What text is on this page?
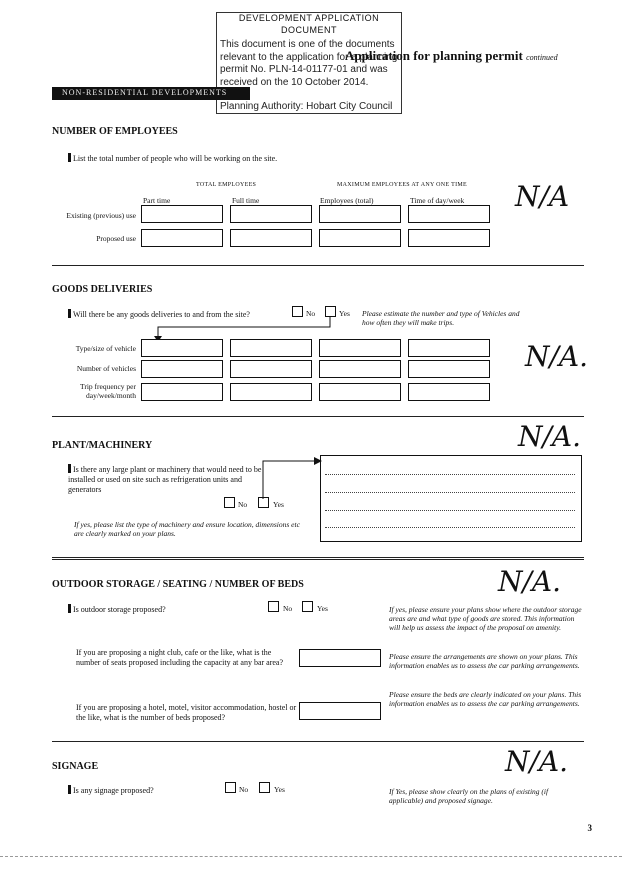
DEVELOPMENT APPLICATION
DOCUMENT
This document is one of the documents relevant to the application for a planning permit No. PLN-14-01177-01 and was received on the 10 October 2014.
Planning Authority: Hobart City Council
NON-RESIDENTIAL DEVELOPMENTS
Application for planning permit continued
NUMBER OF EMPLOYEES
List the total number of people who will be working on the site.
TOTAL EMPLOYEES	MAXIMUM EMPLOYEES AT ANY ONE TIME
Part time	Full time	Employees (total)	Time of day/week
Existing (previous) use
Proposed use
N/A
GOODS DELIVERIES
Will there be any goods deliveries to and from the site?	No	Yes Please estimate the number and type of Vehicles and how often they will make trips.
Type/size of vehicle
Number of vehicles
Trip frequency per
day/week/month
N/A.
PLANT/MACHINERY
Is there any large plant or machinery that would need to be installed or used on site such as refrigeration units and generators
No	Yes
If yes, please list the type of machinery and ensure location, dimensions etc are clearly marked on your plans.
N/A.
OUTDOOR STORAGE / SEATING / NUMBER OF BEDS
Is outdoor storage proposed?	No	Yes	If yes, please ensure your plans show where the outdoor storage areas are and what type of goods are stored. This information will help us assess the impact of the proposal on amenity.
If you are proposing a night club, cafe or the like, what is the number of seats proposed including the capacity at any bar area?
Please ensure the arrangements are shown on your plans. This information enables us to assess the car parking arrangements.
If you are proposing a hotel, motel, visitor accommodation, hostel or the like, what is the number of beds proposed?
Please ensure the beds are clearly indicated on your plans. This information enables us to assess the car parking arrangements.
N/A.
SIGNAGE
Is any signage proposed?	No	Yes	If Yes, please show clearly on the plans of existing (if applicable) and proposed signage.
N/A.
3
